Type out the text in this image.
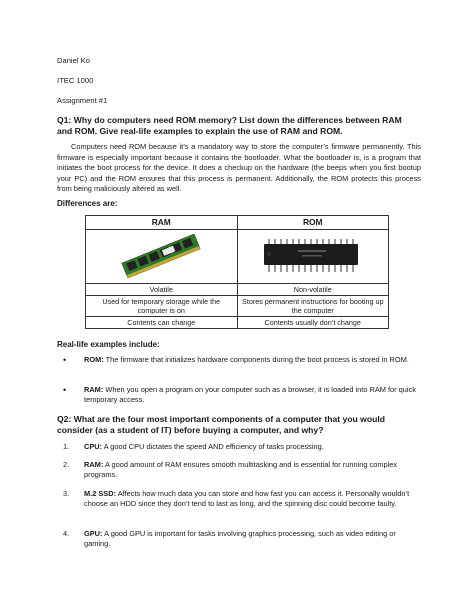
Daniel Ko
ITEC 1000
Assignment #1
Q1: Why do computers need ROM memory? List down the differences between RAM and ROM. Give real-life examples to explain the use of RAM and ROM.
Computers need ROM because it’s a mandatory way to store the computer’s firmware permanently. This firmware is especially important because it contains the bootloader. What the bootloader is, is a program that initiates the boot process for the device. It does a checkup on the hardware (the beeps when you first bootup your PC) and the ROM ensures that this process is permanent. Additionally, the ROM protects this process from being maliciously altered as well.
Differences are:
RAM	ROM

Volatile	Non-volatile
Used for temporary storage while the computer is on	Stores permanent instructions for booting up the computer
Contents can change	Contents usually don’t change
Real-life examples include:
• ROM: The firmware that initializes hardware components during the boot process is stored in ROM.
• RAM: When you open a program on your computer such as a browser, it is loaded into RAM for quick temporary access.
Q2: What are the four most important components of a computer that you would consider (as a student of IT) before buying a computer, and why?
1. CPU: A good CPU dictates the speed AND efficiency of tasks processing.
2. RAM: A good amount of RAM ensures smooth multitasking and is essential for running complex programs.
3. M.2 SSD: Affects how much data you can store and how fast you can access it. Personally wouldn’t choose an HDD since they don’t tend to last as long, and the spinning disc could become faulty.
4. GPU: A good GPU is important for tasks involving graphics processing, such as video editing or gaming.
